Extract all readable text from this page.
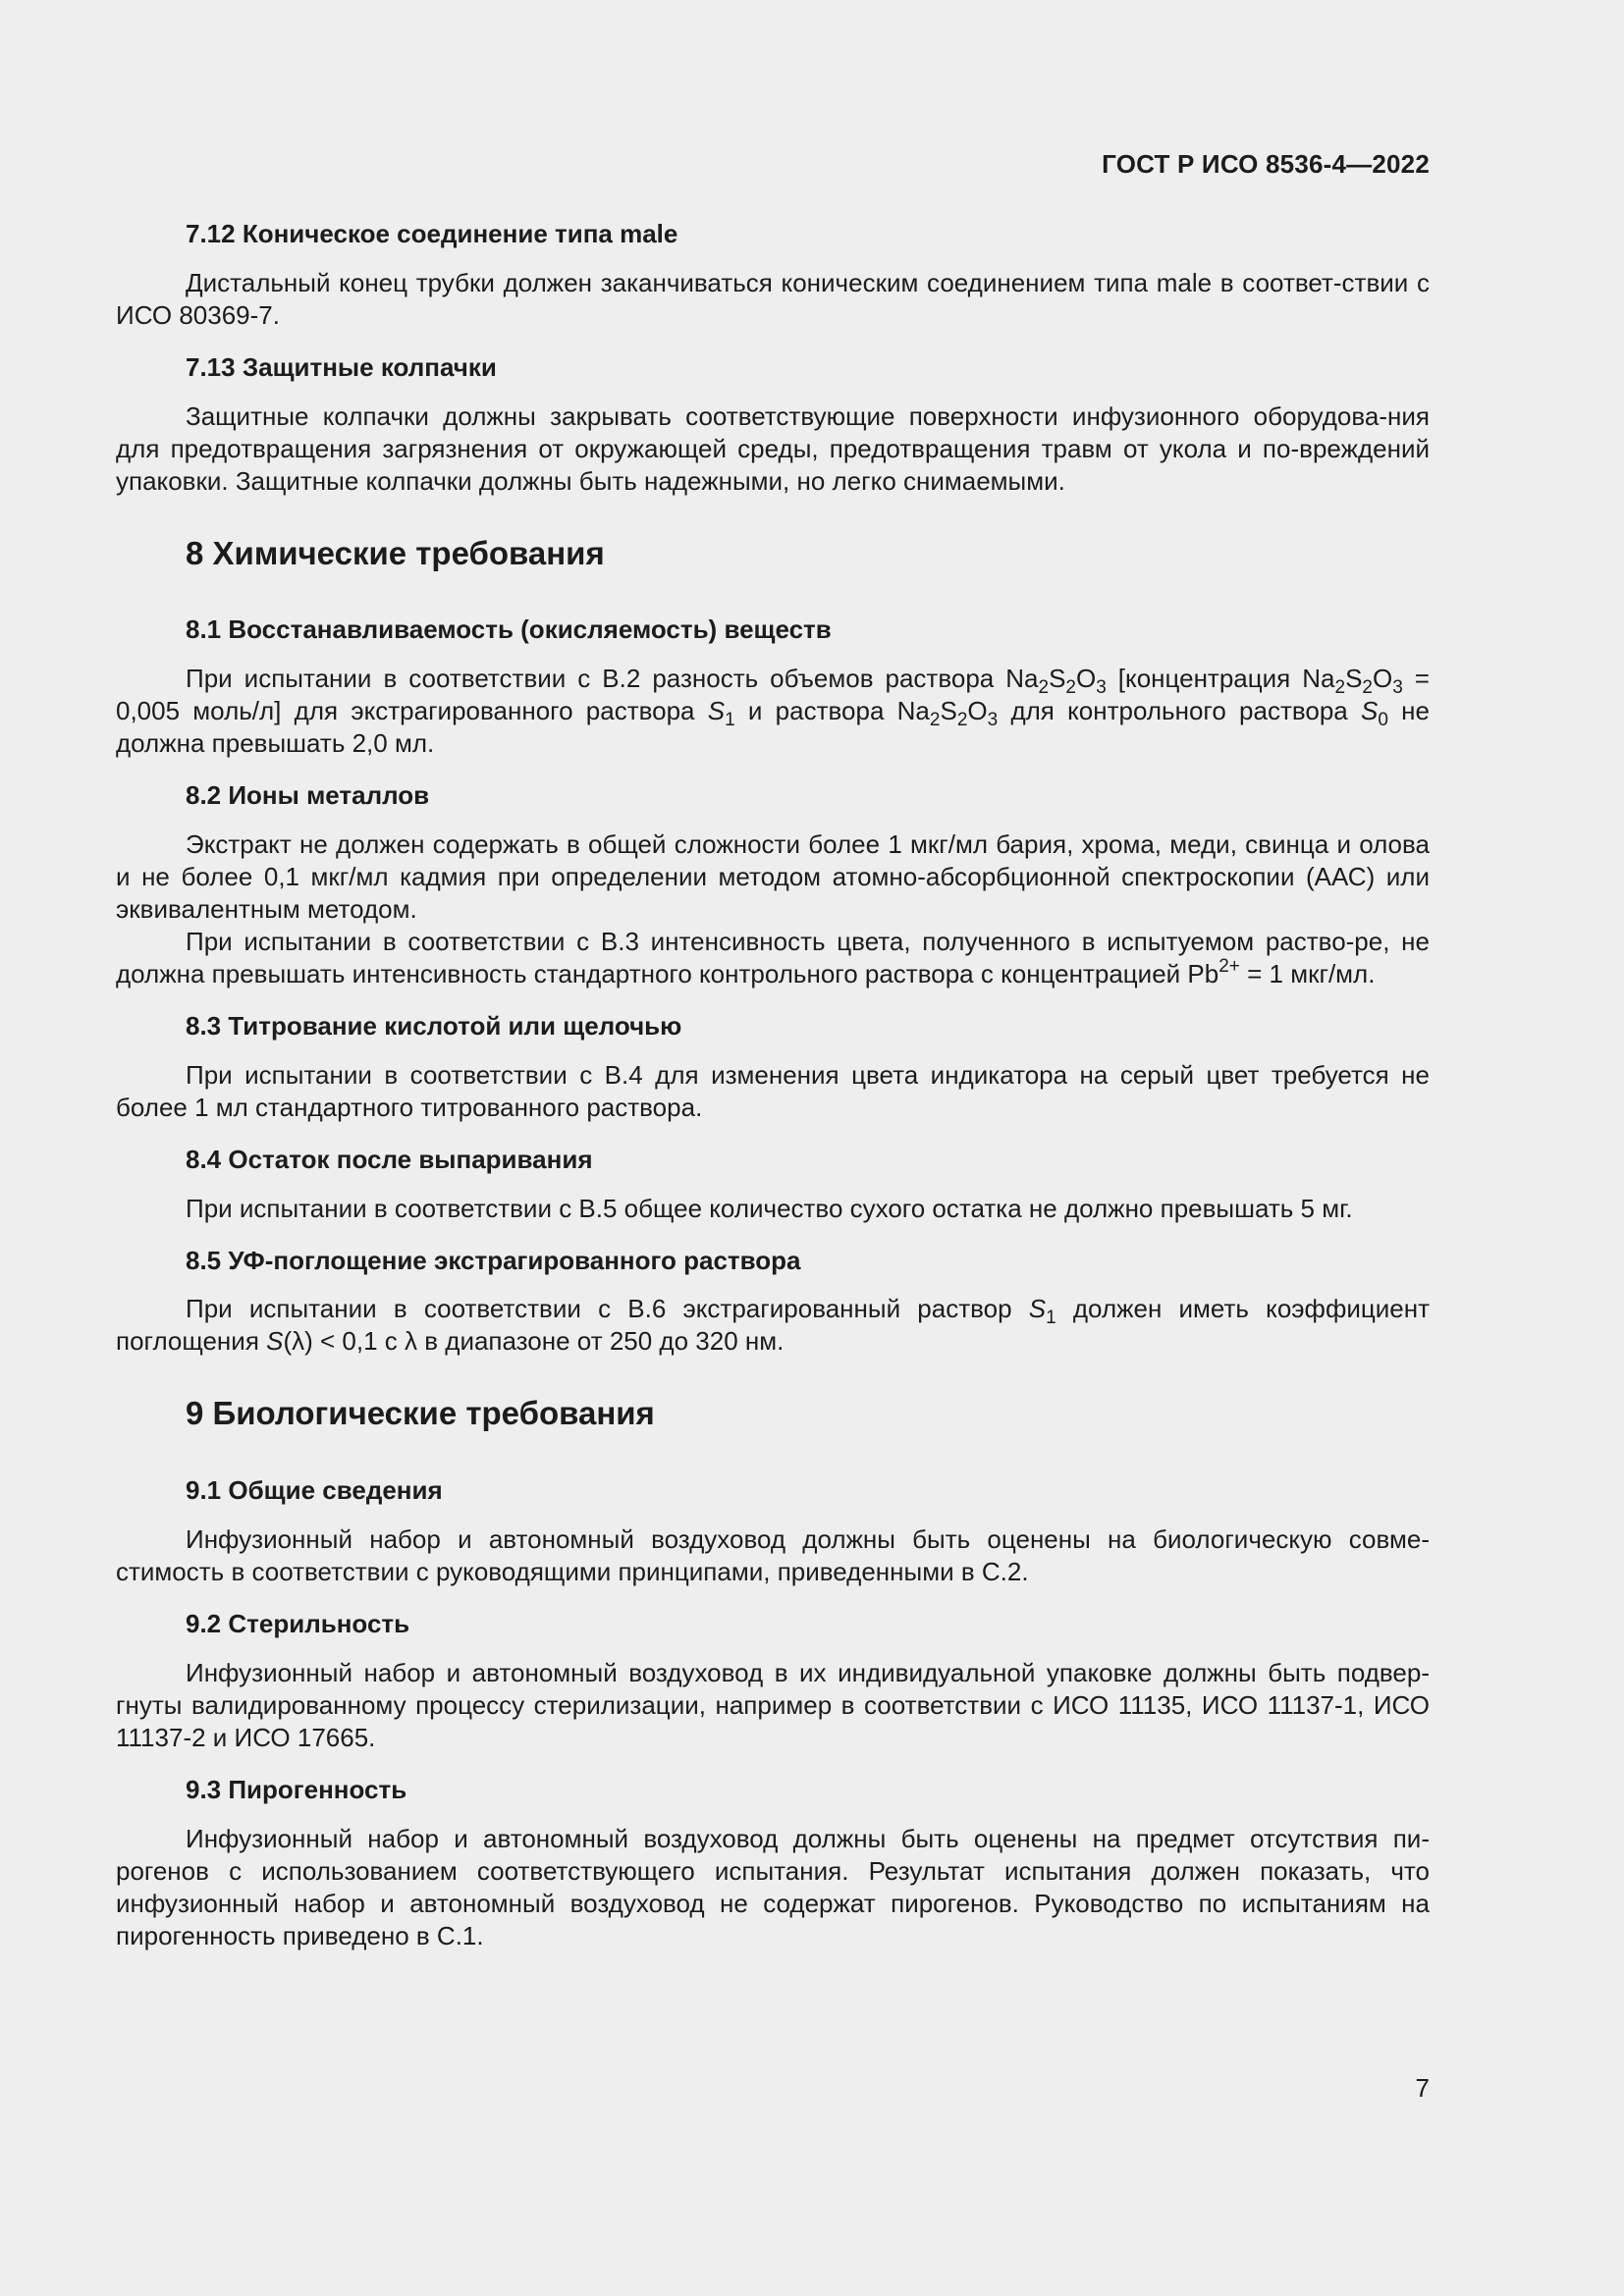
ГОСТ Р ИСО 8536-4—2022
7.12 Коническое соединение типа male

Дистальный конец трубки должен заканчиваться коническим соединением типа male в соответ-ствии с ИСО 80369-7.

7.13 Защитные колпачки

Защитные колпачки должны закрывать соответствующие поверхности инфузионного оборудова-ния для предотвращения загрязнения от окружающей среды, предотвращения травм от укола и по-вреждений упаковки. Защитные колпачки должны быть надежными, но легко снимаемыми.

8 Химические требования
8.1 Восстанавливаемость (окисляемость) веществ

При испытании в соответствии с В.2 разность объемов раствора $Na_2S_2O_3$ [концентрация $Na_2S_2O_3 = 0,005$ моль/л] для экстрагированного раствора $S_1$ и раствора $Na_2S_2O_3$ для контрольного раствора $S_0$ не должна превышать 2,0 мл.

8.2 Ионы металлов

Экстракт не должен содержать в общей сложности более 1 мкг/мл бария, хрома, меди, свинца и олова и не более 0,1 мкг/мл кадмия при определении методом атомно-абсорбционной спектроскопии (ААС) или эквивалентным методом.

При испытании в соответствии с В.3 интенсивность цвета, полученного в испытуемом раство-ре, не должна превышать интенсивность стандартного контрольного раствора с концентрацией $Pb^{2+} = 1$ мкг/мл.

8.3 Титрование кислотой или щелочью

При испытании в соответствии с В.4 для изменения цвета индикатора на серый цвет требуется не более 1 мл стандартного титрованного раствора.

8.4 Остаток после выпаривания

При испытании в соответствии с В.5 общее количество сухого остатка не должно превышать 5 мг.

8.5 УФ-поглощение экстрагированного раствора

При испытании в соответствии с В.6 экстрагированный раствор $S_1$ должен иметь коэффициент поглощения S(λ) < 0,1 с λ в диапазоне от 250 до 320 нм.

9 Биологические требования
9.1 Общие сведения

Инфузионный набор и автономный воздуховод должны быть оценены на биологическую совме-стимость в соответствии с руководящими принципами, приведенными в С.2.

9.2 Стерильность

Инфузионный набор и автономный воздуховод в их индивидуальной упаковке должны быть подвер-гнуты валидированному процессу стерилизации, например в соответствии с ИСО 11135, ИСО 11137-1, ИСО 11137-2 и ИСО 17665.

9.3 Пирогенность

Инфузионный набор и автономный воздуховод должны быть оценены на предмет отсутствия пи-рогенов с использованием соответствующего испытания. Результат испытания должен показать, что инфузионный набор и автономный воздуховод не содержат пирогенов. Руководство по испытаниям на пирогенность приведено в С.1.

7
